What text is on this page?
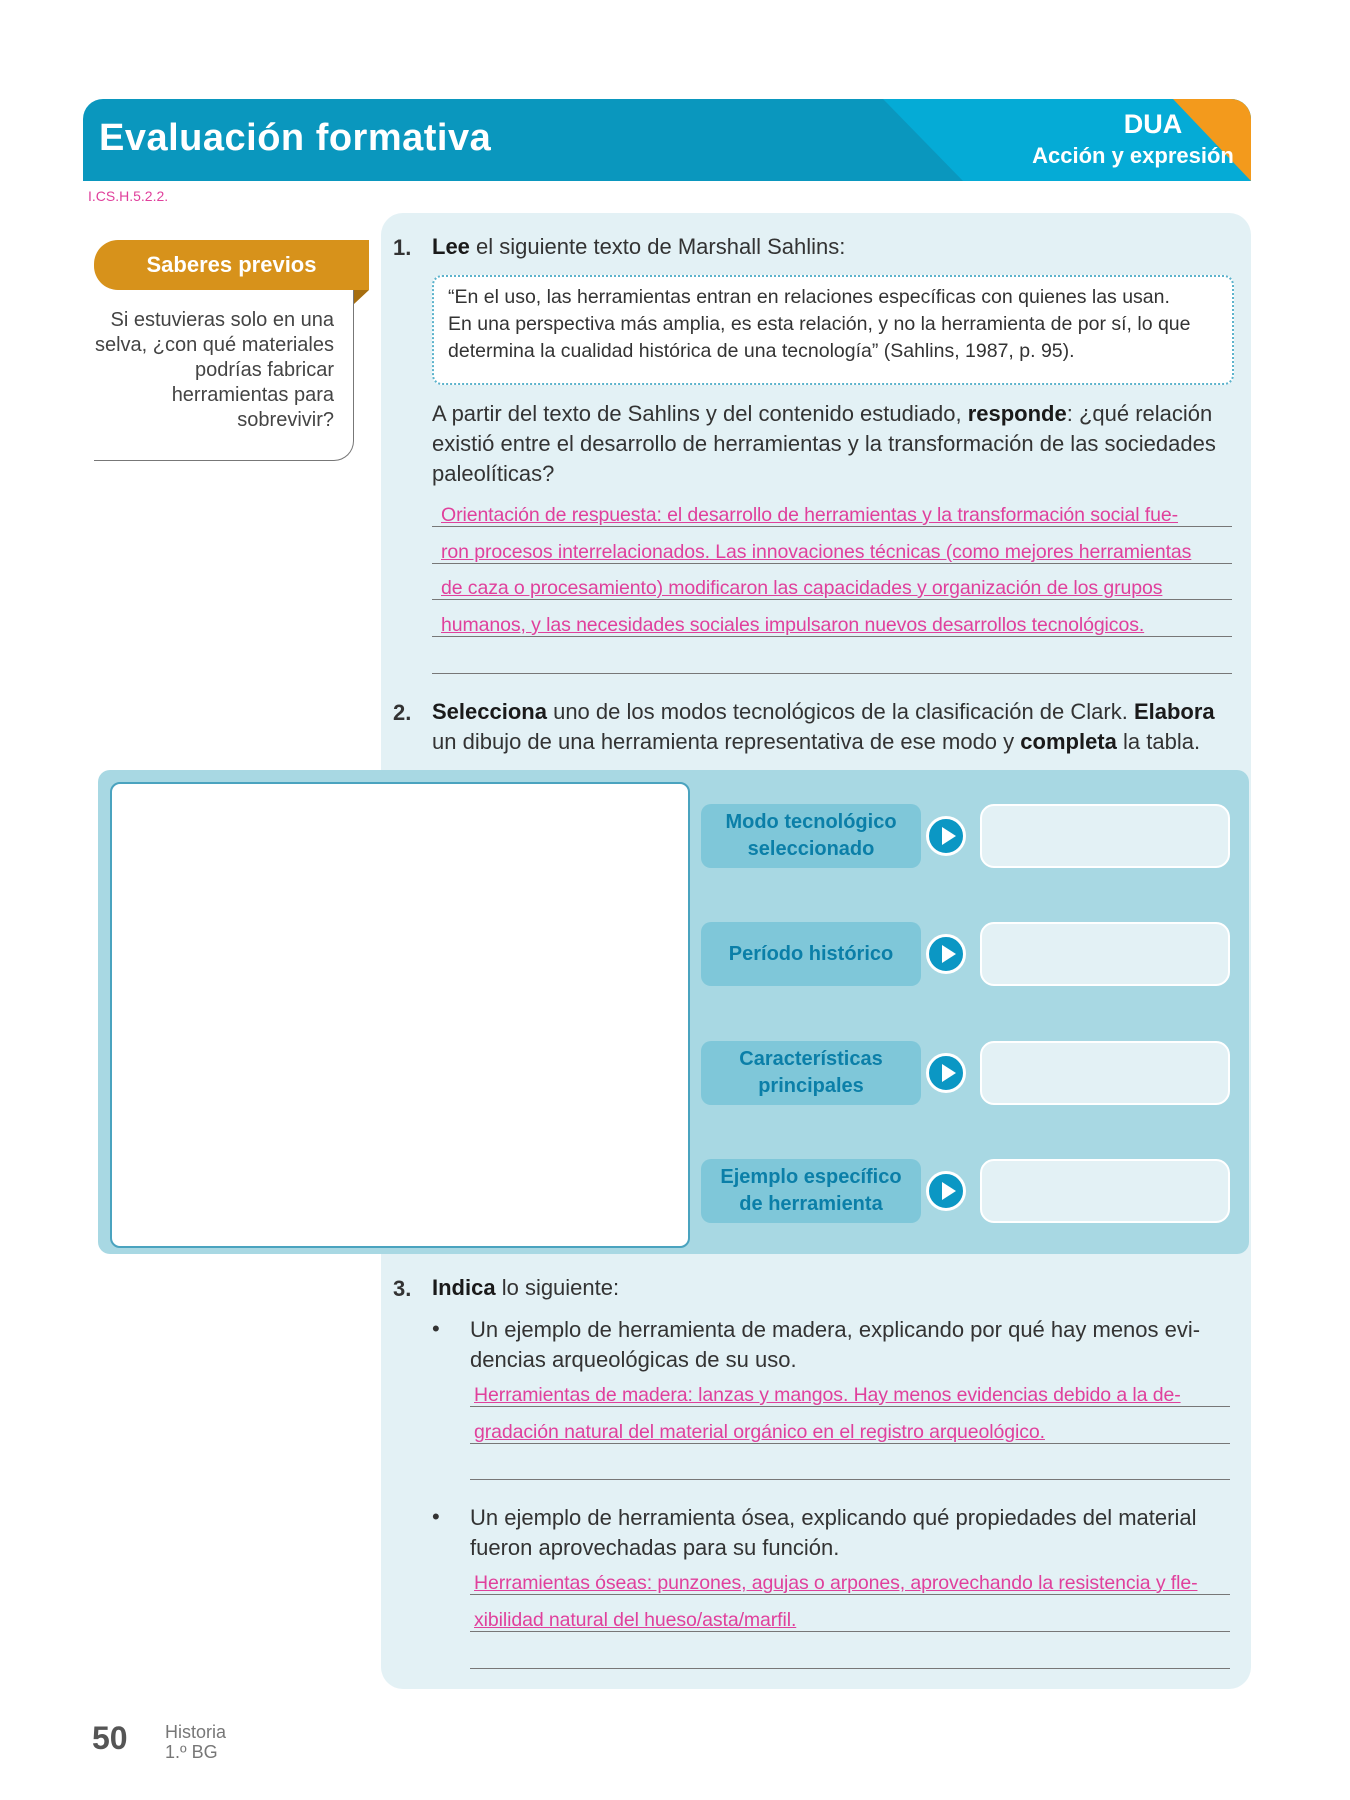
Evaluación formativa	DUA
Acción y expresión
I.CS.H.5.2.2.
Saberes previos
Si estuvieras solo en una
selva, ¿con qué materiales
podrías fabricar
herramientas para
sobrevivir?
1. Lee el siguiente texto de Marshall Sahlins:
“En el uso, las herramientas entran en relaciones específicas con quienes las usan.
En una perspectiva más amplia, es esta relación, y no la herramienta de por sí, lo que
determina la cualidad histórica de una tecnología” (Sahlins, 1987, p. 95).
A partir del texto de Sahlins y del contenido estudiado, responde: ¿qué relación
existió entre el desarrollo de herramientas y la transformación de las sociedades
paleolíticas?
Orientación de respuesta: el desarrollo de herramientas y la transformación social fue-
ron procesos interrelacionados. Las innovaciones técnicas (como mejores herramientas
de caza o procesamiento) modificaron las capacidades y organización de los grupos
humanos, y las necesidades sociales impulsaron nuevos desarrollos tecnológicos.
2. Selecciona uno de los modos tecnológicos de la clasificación de Clark. Elabora
un dibujo de una herramienta representativa de ese modo y completa la tabla.
Modo tecnológico
seleccionado
Período histórico
Características
principales
Ejemplo específico
de herramienta
3. Indica lo siguiente:
• Un ejemplo de herramienta de madera, explicando por qué hay menos evi-
dencias arqueológicas de su uso.
Herramientas de madera: lanzas y mangos. Hay menos evidencias debido a la de-
gradación natural del material orgánico en el registro arqueológico.
• Un ejemplo de herramienta ósea, explicando qué propiedades del material
fueron aprovechadas para su función.
Herramientas óseas: punzones, agujas o arpones, aprovechando la resistencia y fle-
xibilidad natural del hueso/asta/marfil.
50 Historia
1.º BG
